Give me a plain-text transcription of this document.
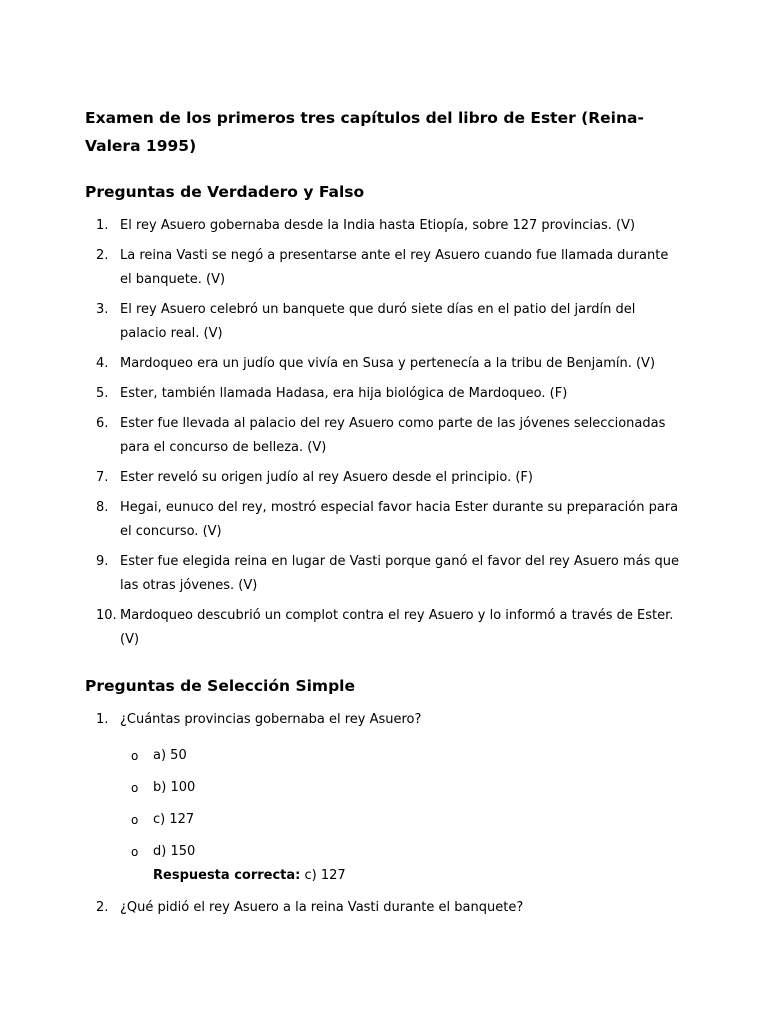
Examen de los primeros tres capítulos del libro de Ester (Reina-Valera 1995)
Preguntas de Verdadero y Falso
1. El rey Asuero gobernaba desde la India hasta Etiopía, sobre 127 provincias. (V)
2. La reina Vasti se negó a presentarse ante el rey Asuero cuando fue llamada durante el banquete. (V)
3. El rey Asuero celebró un banquete que duró siete días en el patio del jardín del palacio real. (V)
4. Mardoqueo era un judío que vivía en Susa y pertenecía a la tribu de Benjamín. (V)
5. Ester, también llamada Hadasa, era hija biológica de Mardoqueo. (F)
6. Ester fue llevada al palacio del rey Asuero como parte de las jóvenes seleccionadas para el concurso de belleza. (V)
7. Ester reveló su origen judío al rey Asuero desde el principio. (F)
8. Hegai, eunuco del rey, mostró especial favor hacia Ester durante su preparación para el concurso. (V)
9. Ester fue elegida reina en lugar de Vasti porque ganó el favor del rey Asuero más que las otras jóvenes. (V)
10. Mardoqueo descubrió un complot contra el rey Asuero y lo informó a través de Ester. (V)
Preguntas de Selección Simple
1. ¿Cuántas provincias gobernaba el rey Asuero?
o a) 50
o b) 100
o c) 127
o d) 150
Respuesta correcta: c) 127
2. ¿Qué pidió el rey Asuero a la reina Vasti durante el banquete?
